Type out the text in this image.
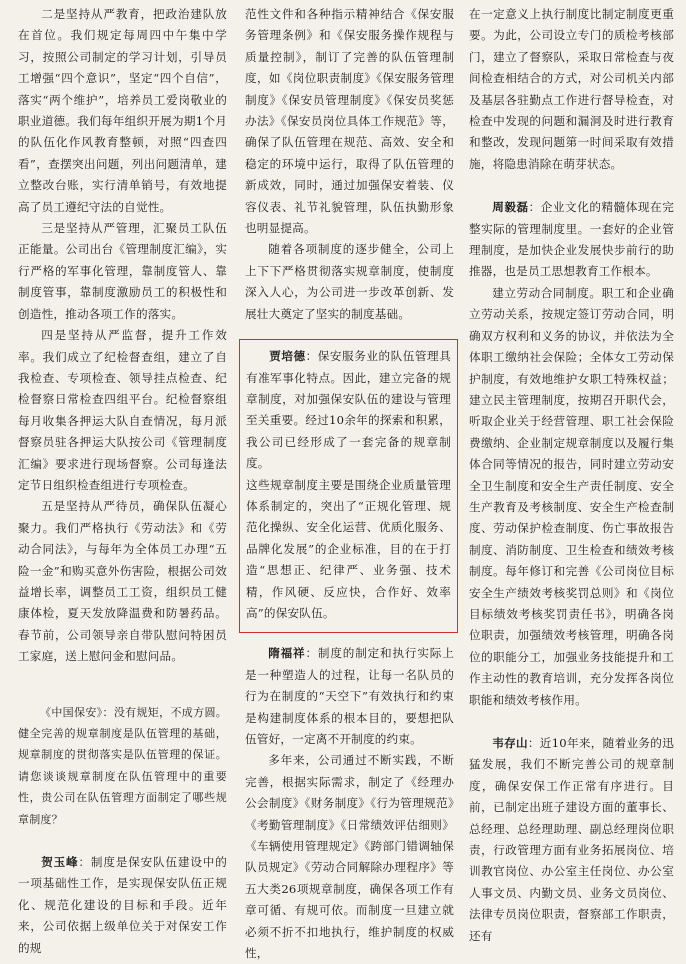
二是坚持从严教育，把政治建队放在首位。我们规定每周四中午集中学习，按照公司制定的学习计划，引导员工增强“四个意识”，坚定“四个自信”，落实“两个维护”，培养员工爱岗敬业的职业道德。我们每年组织开展为期1个月的队伍化作风教育整顿，对照“四查四看”，查摆突出问题，列出问题清单，建立整改台账，实行清单销号，有效地提高了员工遵纪守法的自觉性。

三是坚持从严管理，汇聚员工队伍正能量。公司出台《管理制度汇编》，实行严格的军事化管理，靠制度管人、靠制度管事，靠制度激励员工的积极性和创造性，推动各项工作的落实。

四是坚持从严监督，提升工作效率。我们成立了纪检督查组，建立了自我检查、专项检查、领导挂点检查、纪检督察日常检查四组平台。纪检督察组每月收集各押运大队自查情况，每月派督察员驻各押运大队按公司《管理制度汇编》要求进行现场督察。公司每逢法定节日组织检查组进行专项检查。

五是坚持从严待员，确保队伍凝心聚力。我们严格执行《劳动法》和《劳动合同法》，与每年为全体员工办理“五险一金”和购买意外伤害险，根据公司效益增长率，调整员工工资，组织员工健康体检，夏天发放降温费和防暑药品。春节前，公司领导亲自带队慰问特困员工家庭，送上慰问金和慰问品。

《中国保安》：没有规矩，不成方圆。健全完善的规章制度是队伍管理的基础，规章制度的贯彻落实是队伍管理的保证。请您谈谈规章制度在队伍管理中的重要性，贵公司在队伍管理方面制定了哪些规章制度？

贺玉峰：制度是保安队伍建设中的一项基础性工作，是实现保安队伍正规化、规范化建设的目标和手段。近年来，公司依据上级单位关于对保安工作的规

范性文件和各种指示精神结合《保安服务管理条例》和《保安服务操作规程与质量控制》，制订了完善的队伍管理制度，如《岗位职责制度》《保安服务管理制度》《保安员管理制度》《保安员奖惩办法》《保安员岗位具体工作规范》等，确保了队伍管理在规范、高效、安全和稳定的环境中运行，取得了队伍管理的新成效，同时，通过加强保安着装、仪容仪表、礼节礼貌管理，队伍执勤形象也明显提高。

随着各项制度的逐步健全，公司上上下下严格贯彻落实规章制度，使制度深入人心，为公司进一步改革创新、发展壮大奠定了坚实的制度基础。

贾培德：保安服务业的队伍管理具有准军事化特点。因此，建立完备的规章制度，对加强保安队伍的建设与管理至关重要。经过10余年的探索和积累，我公司已经形成了一套完备的规章制度。

这些规章制度主要是围绕企业质量管理体系制定的，突出了“正规化管理、规范化操纵、安全化运营、优质化服务、品牌化发展”的企业标准，目的在于打造“思想正、纪律严、业务强、技术精，作风硬、反应快，合作好、效率高”的保安队伍。

隋福祥：制度的制定和执行实际上是一种塑造人的过程，让每一名队员的行为在制度的“天空下”有效执行和约束是构建制度体系的根本目的，要想把队伍管好，一定离不开制度的约束。

多年来，公司通过不断实践，不断完善，根据实际需求，制定了《经理办公会制度》《财务制度》《行为管理规范》《考勤管理制度》《日常绩效评估细则》《车辆使用管理规定》《跨部门错调轴保队员规定》《劳动合同解除办理程序》等五大类26项规章制度，确保各项工作有章可循、有规可依。而制度一旦建立就必须不折不扣地执行，维护制度的权威性，

在一定意义上执行制度比制定制度更重要。为此，公司设立专门的质检考核部门，建立了督察队，采取日常检查与夜间检查相结合的方式，对公司机关内部及基层各驻勤点工作进行督导检查，对检查中发现的问题和漏洞及时进行教育和整改，发现问题第一时间采取有效措施，将隐患消除在萌芽状态。

周毅磊：企业文化的精髓体现在完整实际的管理制度里。一套好的企业管理制度，是加快企业发展快步前行的助推器，也是员工思想教育工作根本。

建立劳动合同制度。职工和企业确立劳动关系，按规定签订劳动合同，明确双方权利和义务的协议，并依法为全体职工缴纳社会保险；全体女工劳动保护制度，有效地维护女职工特殊权益；建立民主管理制度，按期召开职代会，听取企业关于经营管理、职工社会保险费缴纳、企业制定规章制度以及履行集体合同等情况的报告，同时建立劳动安全卫生制度和安全生产责任制度、安全生产教育及考核制度、安全生产检查制度、劳动保护检查制度、伤亡事故报告制度、消防制度、卫生检查和绩效考核制度。每年修订和完善《公司岗位目标安全生产绩效考核奖罚总则》和《岗位目标绩效考核奖罚责任书》，明确各岗位职责，加强绩效考核管理，明确各岗位的职能分工，加强业务技能提升和工作主动性的教育培训，充分发挥各岗位职能和绩效考核作用。

韦存山：近10年来，随着业务的迅猛发展，我们不断完善公司的规章制度，确保安保工作正常有序进行。目前，已制定出班子建设方面的董事长、总经理、总经理助理、副总经理岗位职责，行政管理方面有业务拓展岗位、培训教官岗位、办公室主任岗位、办公室人事文员、内勤文员、业务文员岗位、法律专员岗位职责，督察部工作职责，还有
